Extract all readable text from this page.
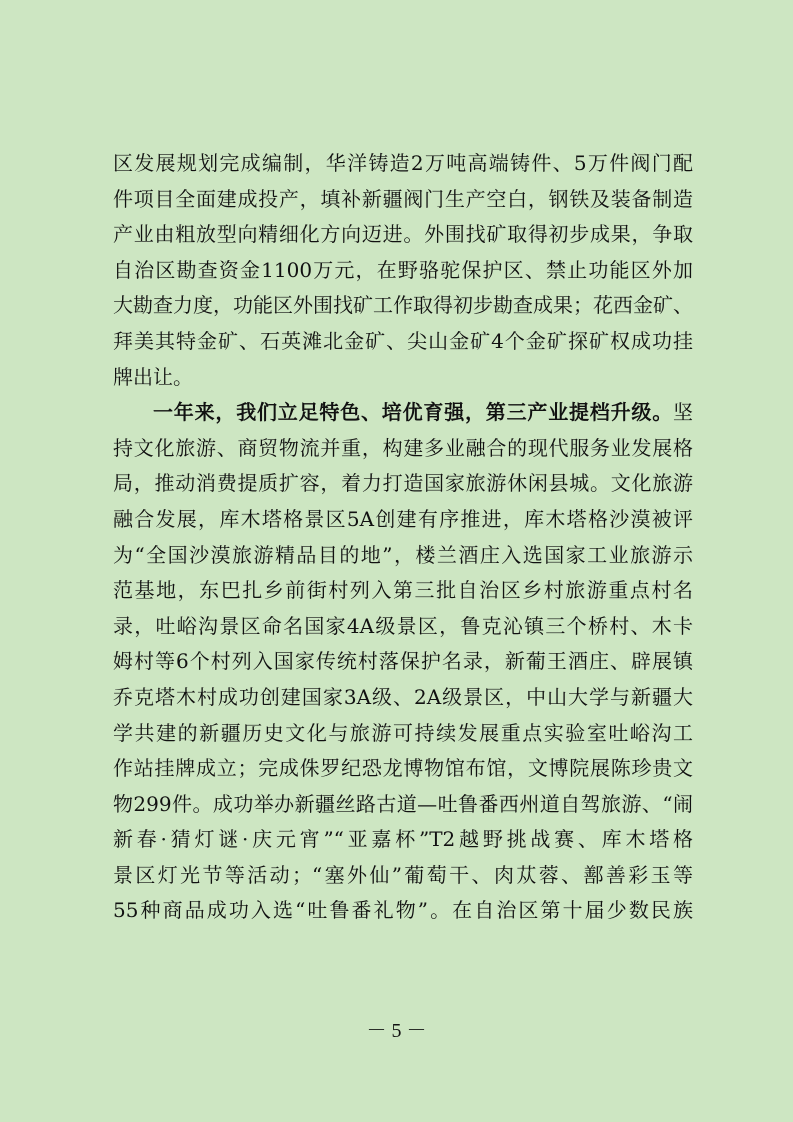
区发展规划完成编制，华洋铸造2万吨高端铸件、5万件阀门配
件项目全面建成投产，填补新疆阀门生产空白，钢铁及装备制造
产业由粗放型向精细化方向迈进。外围找矿取得初步成果，争取
自治区勘查资金1100万元，在野骆驼保护区、禁止功能区外加
大勘查力度，功能区外围找矿工作取得初步勘查成果；花西金矿、
拜美其特金矿、石英滩北金矿、尖山金矿4个金矿探矿权成功挂
牌出让。
一年来，我们立足特色、培优育强，第三产业提档升级。坚
持文化旅游、商贸物流并重，构建多业融合的现代服务业发展格
局，推动消费提质扩容，着力打造国家旅游休闲县城。文化旅游
融合发展，库木塔格景区5A创建有序推进，库木塔格沙漠被评
为“全国沙漠旅游精品目的地”，楼兰酒庄入选国家工业旅游示
范基地，东巴扎乡前街村列入第三批自治区乡村旅游重点村名
录，吐峪沟景区命名国家4A级景区，鲁克沁镇三个桥村、木卡
姆村等6个村列入国家传统村落保护名录，新葡王酒庄、辟展镇
乔克塔木村成功创建国家3A级、2A级景区，中山大学与新疆大
学共建的新疆历史文化与旅游可持续发展重点实验室吐峪沟工
作站挂牌成立；完成侏罗纪恐龙博物馆布馆，文博院展陈珍贵文
物299件。成功举办新疆丝路古道—吐鲁番西州道自驾旅游、“闹
新春·猜灯谜·庆元宵”“亚嘉杯”T2越野挑战赛、库木塔格
景区灯光节等活动；“塞外仙”葡萄干、肉苁蓉、鄯善彩玉等
55种商品成功入选“吐鲁番礼物”。在自治区第十届少数民族
－ 5 －
